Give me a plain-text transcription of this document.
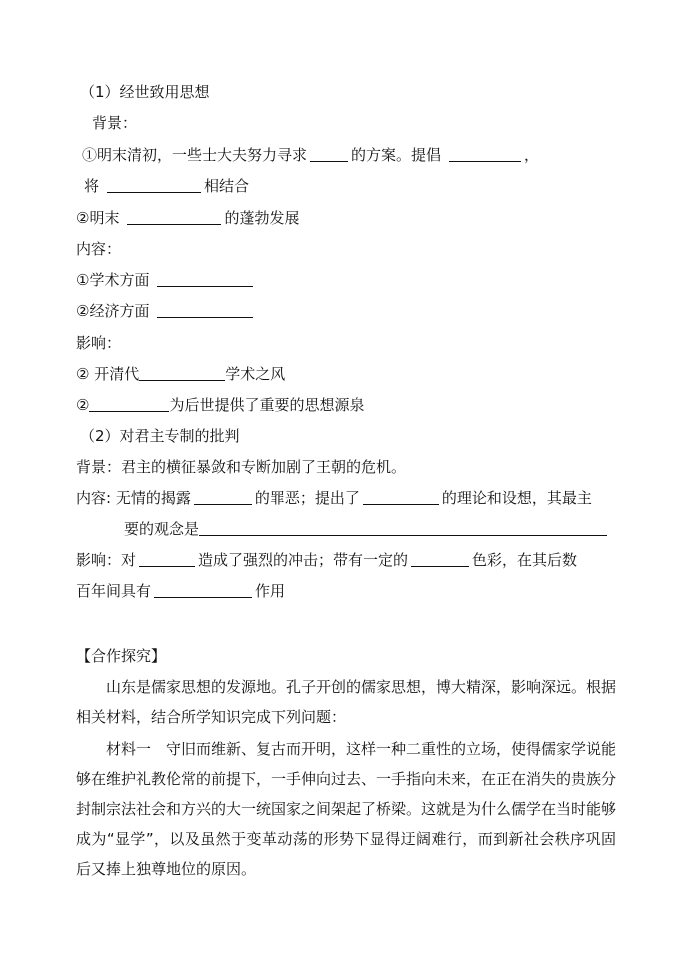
（1）经世致用思想
背景：
①明末清初，一些士大夫努力寻求	的方案。提倡	，
将	相结合
②明末	的蓬勃发展
内容：
①学术方面
②经济方面
影响：
② 开清代	学术之风
②	为后世提供了重要的思想源泉
（2）对君主专制的批判
背景：君主的横征暴敛和专断加剧了王朝的危机。
内容: 无情的揭露	的罪恶；提出了	的理论和设想，其最主
要的观念是
影响：对	造成了强烈的冲击；带有一定的	色彩，在其后数
百年间具有	作用
【合作探究】
山东是儒家思想的发源地。孔子开创的儒家思想，博大精深，影响深远。根据相关材料，结合所学知识完成下列问题：
材料一　守旧而维新、复古而开明，这样一种二重性的立场，使得儒家学说能够在维护礼教伦常的前提下，一手伸向过去、一手指向未来，在正在消失的贵族分封制宗法社会和方兴的大一统国家之间架起了桥梁。这就是为什么儒学在当时能够成为“显学”，以及虽然于变革动荡的形势下显得迂阔难行，而到新社会秩序巩固后又捧上独尊地位的原因。
